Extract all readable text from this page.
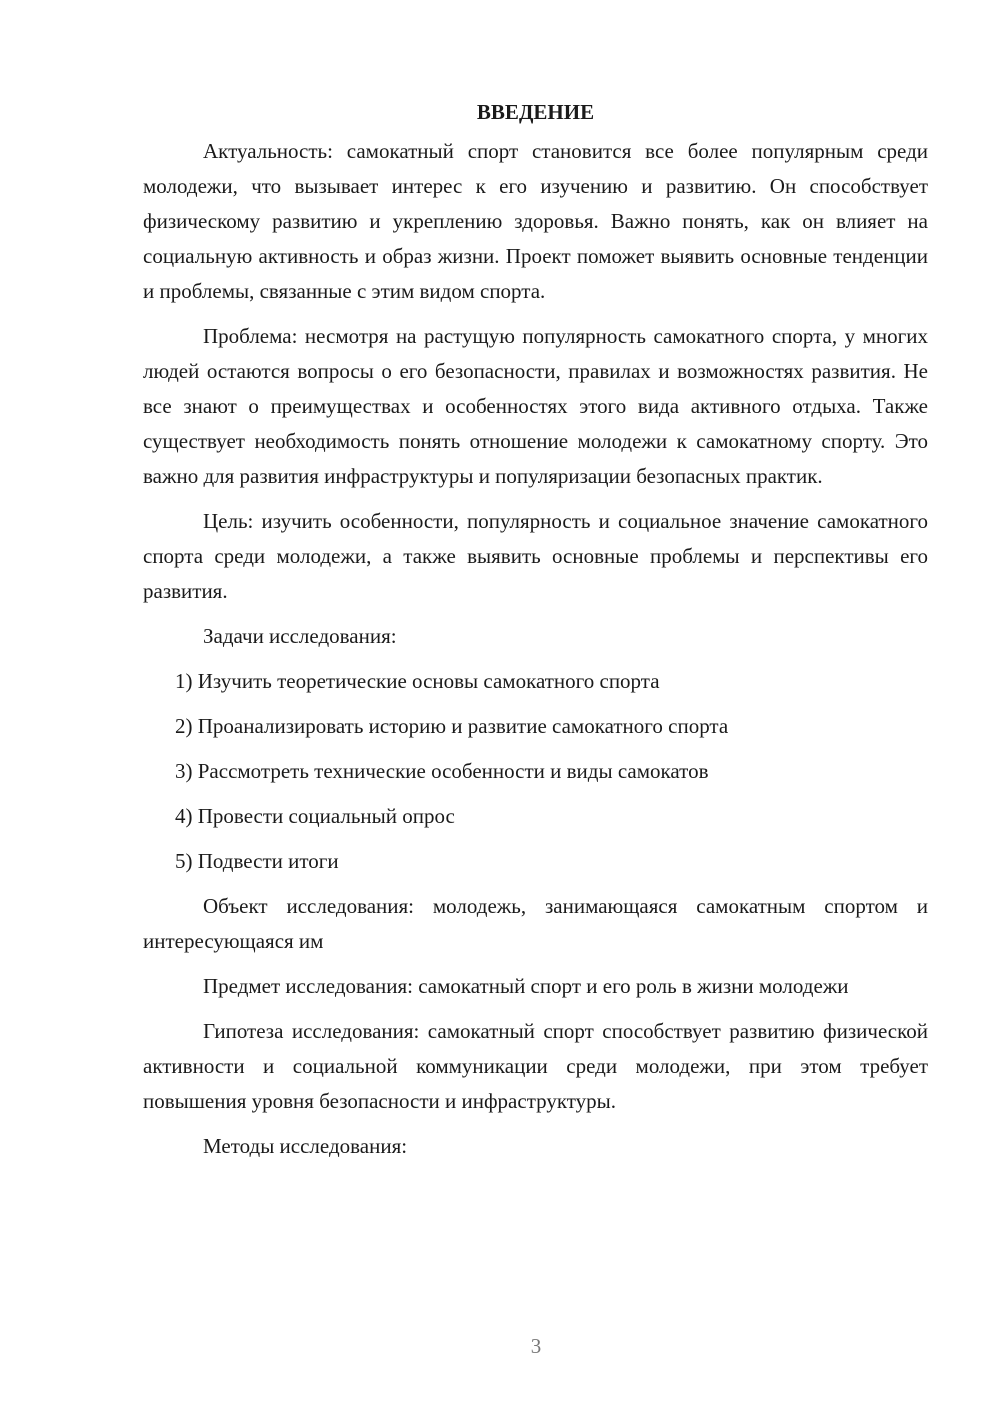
ВВЕДЕНИЕ

Актуальность: самокатный спорт становится все более популярным среди молодежи, что вызывает интерес к его изучению и развитию. Он способствует физическому развитию и укреплению здоровья. Важно понять, как он влияет на социальную активность и образ жизни. Проект поможет выявить основные тенденции и проблемы, связанные с этим видом спорта.

Проблема: несмотря на растущую популярность самокатного спорта, у многих людей остаются вопросы о его безопасности, правилах и возможностях развития. Не все знают о преимуществах и особенностях этого вида активного отдыха. Также существует необходимость понять отношение молодежи к самокатному спорту. Это важно для развития инфраструктуры и популяризации безопасных практик.

Цель: изучить особенности, популярность и социальное значение самокатного спорта среди молодежи, а также выявить основные проблемы и перспективы его развития.

Задачи исследования:

1) Изучить теоретические основы самокатного спорта

2) Проанализировать историю и развитие самокатного спорта

3) Рассмотреть технические особенности и виды самокатов

4) Провести социальный опрос

5) Подвести итоги

Объект исследования: молодежь, занимающаяся самокатным спортом и интересующаяся им

Предмет исследования: самокатный спорт и его роль в жизни молодежи

Гипотеза исследования: самокатный спорт способствует развитию физической активности и социальной коммуникации среди молодежи, при этом требует повышения уровня безопасности и инфраструктуры.

Методы исследования:

3
